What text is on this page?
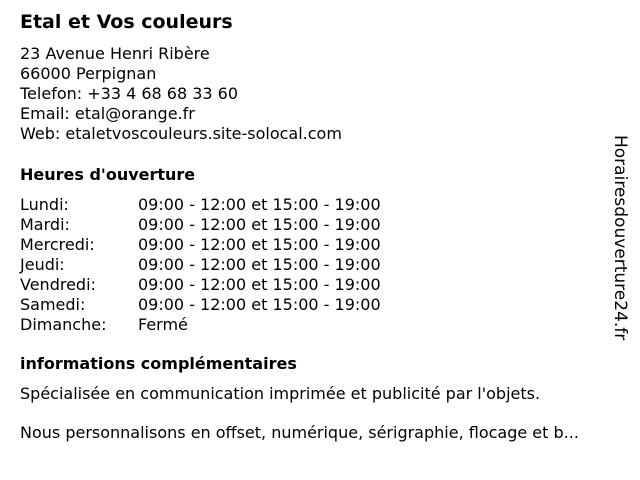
Etal et Vos couleurs
23 Avenue Henri Ribère
66000 Perpignan
Telefon: +33 4 68 68 33 60
Email: etal@orange.fr
Web: etaletvoscouleurs.site-solocal.com
Heures d'ouverture
Lundi:	09:00 - 12:00 et 15:00 - 19:00
Mardi:	09:00 - 12:00 et 15:00 - 19:00
Mercredi:	09:00 - 12:00 et 15:00 - 19:00
Jeudi:	09:00 - 12:00 et 15:00 - 19:00
Vendredi:	09:00 - 12:00 et 15:00 - 19:00
Samedi:	09:00 - 12:00 et 15:00 - 19:00
Dimanche:	Fermé
informations complémentaires
Spécialisée en communication imprimée et publicité par l'objets.
Nous personnalisons en offset, numérique, sérigraphie, flocage et b...
Horairesdouverture24.fr
